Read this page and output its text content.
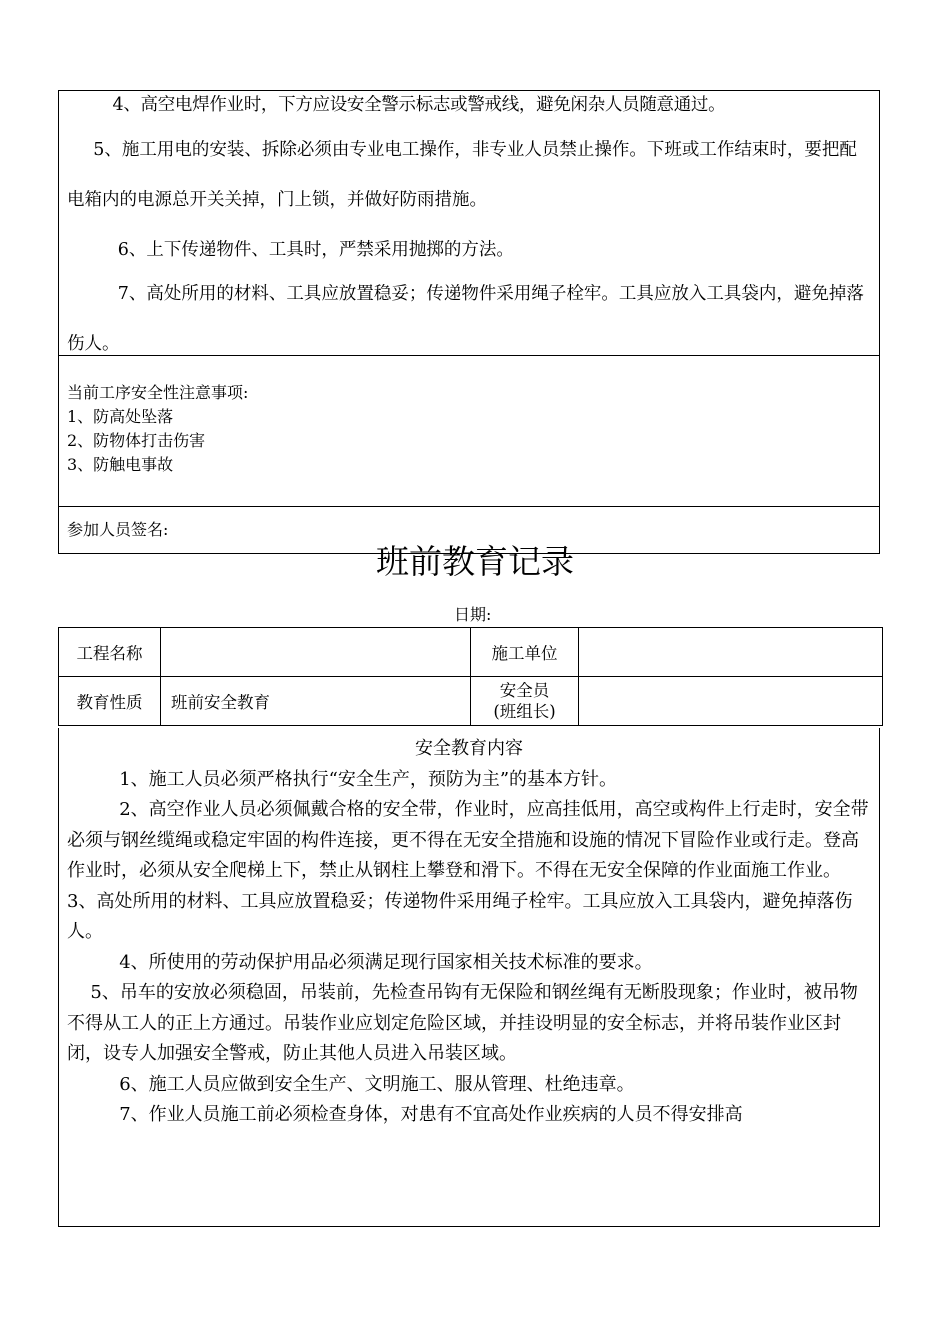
4、高空电焊作业时，下方应设安全警示标志或警戒线，避免闲杂人员随意通过。

5、施工用电的安装、拆除必须由专业电工操作，非专业人员禁止操作。下班或工作结束时，要把配电箱内的电源总开关关掉，门上锁，并做好防雨措施。

6、上下传递物件、工具时，严禁采用抛掷的方法。

7、高处所用的材料、工具应放置稳妥；传递物件采用绳子栓牢。工具应放入工具袋内，避免掉落伤人。

当前工序安全性注意事项:
1、防高处坠落
2、防物体打击伤害
3、防触电事故
参加人员签名:
班前教育记录
日期:
工程名称		施工单位	
教育性质	班前安全教育	安全员
(班组长)	

安全教育内容

1、施工人员必须严格执行“安全生产，预防为主”的基本方针。

2、高空作业人员必须佩戴合格的安全带，作业时，应高挂低用，高空或构件上行走时，安全带必须与钢丝缆绳或稳定牢固的构件连接，更不得在无安全措施和设施的情况下冒险作业或行走。登高作业时，必须从安全爬梯上下，禁止从钢柱上攀登和滑下。不得在无安全保障的作业面施工作业。

3、高处所用的材料、工具应放置稳妥；传递物件采用绳子栓牢。工具应放入工具袋内，避免掉落伤人。

4、所使用的劳动保护用品必须满足现行国家相关技术标准的要求。

5、吊车的安放必须稳固，吊装前，先检查吊钩有无保险和钢丝绳有无断股现象；作业时，被吊物不得从工人的正上方通过。吊装作业应划定危险区域，并挂设明显的安全标志，并将吊装作业区封闭，设专人加强安全警戒，防止其他人员进入吊装区域。

6、施工人员应做到安全生产、文明施工、服从管理、杜绝违章。

7、作业人员施工前必须检查身体，对患有不宜高处作业疾病的人员不得安排高
